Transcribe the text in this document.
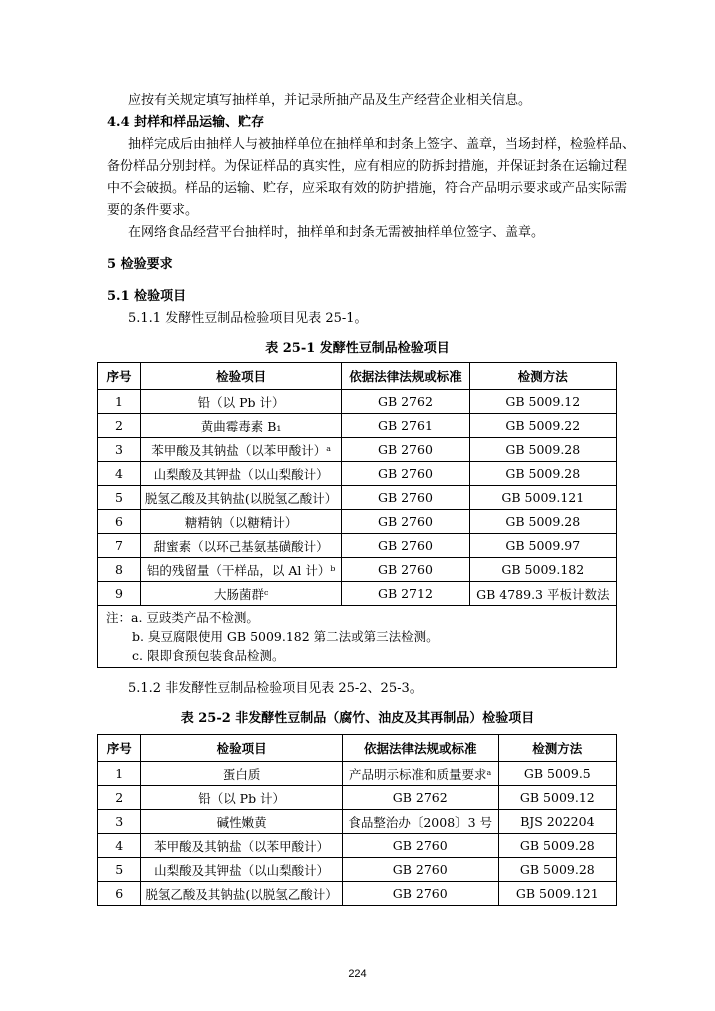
应按有关规定填写抽样单，并记录所抽产品及生产经营企业相关信息。
4.4 封样和样品运输、贮存
抽样完成后由抽样人与被抽样单位在抽样单和封条上签字、盖章，当场封样，检验样品、
备份样品分别封样。为保证样品的真实性，应有相应的防拆封措施，并保证封条在运输过程
中不会破损。样品的运输、贮存，应采取有效的防护措施，符合产品明示要求或产品实际需
要的条件要求。
在网络食品经营平台抽样时，抽样单和封条无需被抽样单位签字、盖章。
5 检验要求
5.1 检验项目
5.1.1 发酵性豆制品检验项目见表 25-1。
表 25-1 发酵性豆制品检验项目
序号	检验项目	依据法律法规或标准	检测方法
1	铅（以 Pb 计）	GB 2762	GB 5009.12
2	黄曲霉毒素 B₁	GB 2761	GB 5009.22
3	苯甲酸及其钠盐（以苯甲酸计）ᵃ	GB 2760	GB 5009.28
4	山梨酸及其钾盐（以山梨酸计）	GB 2760	GB 5009.28
5	脱氢乙酸及其钠盐(以脱氢乙酸计）	GB 2760	GB 5009.121
6	糖精钠（以糖精计）	GB 2760	GB 5009.28
7	甜蜜素（以环己基氨基磺酸计）	GB 2760	GB 5009.97
8	铝的残留量（干样品，以 Al 计）ᵇ	GB 2760	GB 5009.182
9	大肠菌群ᶜ	GB 2712	GB 4789.3 平板计数法

注：a. 豆豉类产品不检测。
b. 臭豆腐限使用 GB 5009.182 第二法或第三法检测。
c. 限即食预包装食品检测。			
5.1.2 非发酵性豆制品检验项目见表 25-2、25-3。
表 25-2 非发酵性豆制品（腐竹、油皮及其再制品）检验项目
序号	检验项目	依据法律法规或标准	检测方法
1	蛋白质	产品明示标准和质量要求ᵃ	GB 5009.5
2	铅（以 Pb 计）	GB 2762	GB 5009.12
3	碱性嫩黄	食品整治办〔2008〕3 号	BJS 202204
4	苯甲酸及其钠盐（以苯甲酸计）	GB 2760	GB 5009.28
5	山梨酸及其钾盐（以山梨酸计）	GB 2760	GB 5009.28
6	脱氢乙酸及其钠盐(以脱氢乙酸计）	GB 2760	GB 5009.121
224
